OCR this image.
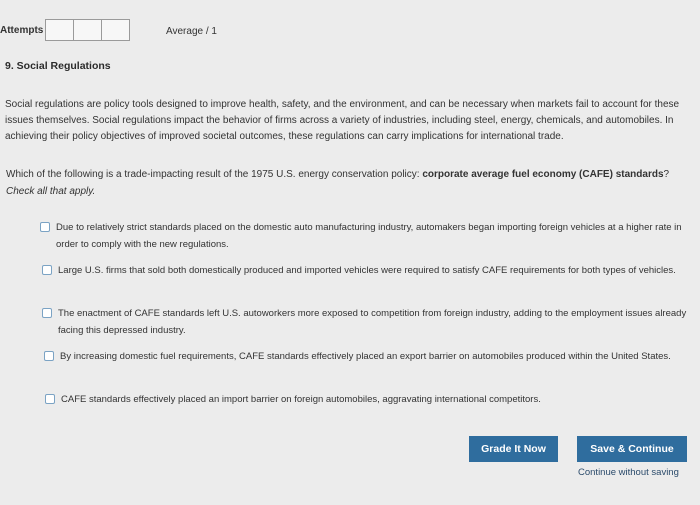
Attempts	Average / 1
9. Social Regulations
Social regulations are policy tools designed to improve health, safety, and the environment, and can be necessary when markets fail to account for these issues themselves. Social regulations impact the behavior of firms across a variety of industries, including steel, energy, chemicals, and automobiles. In achieving their policy objectives of improved societal outcomes, these regulations can carry implications for international trade.
Which of the following is a trade-impacting result of the 1975 U.S. energy conservation policy: corporate average fuel economy (CAFE) standards? Check all that apply.
Due to relatively strict standards placed on the domestic auto manufacturing industry, automakers began importing foreign vehicles at a higher rate in order to comply with the new regulations.
Large U.S. firms that sold both domestically produced and imported vehicles were required to satisfy CAFE requirements for both types of vehicles.
The enactment of CAFE standards left U.S. autoworkers more exposed to competition from foreign industry, adding to the employment issues already facing this depressed industry.
By increasing domestic fuel requirements, CAFE standards effectively placed an export barrier on automobiles produced within the United States.
CAFE standards effectively placed an import barrier on foreign automobiles, aggravating international competitors.
Grade It Now	Save & Continue
Continue without saving
